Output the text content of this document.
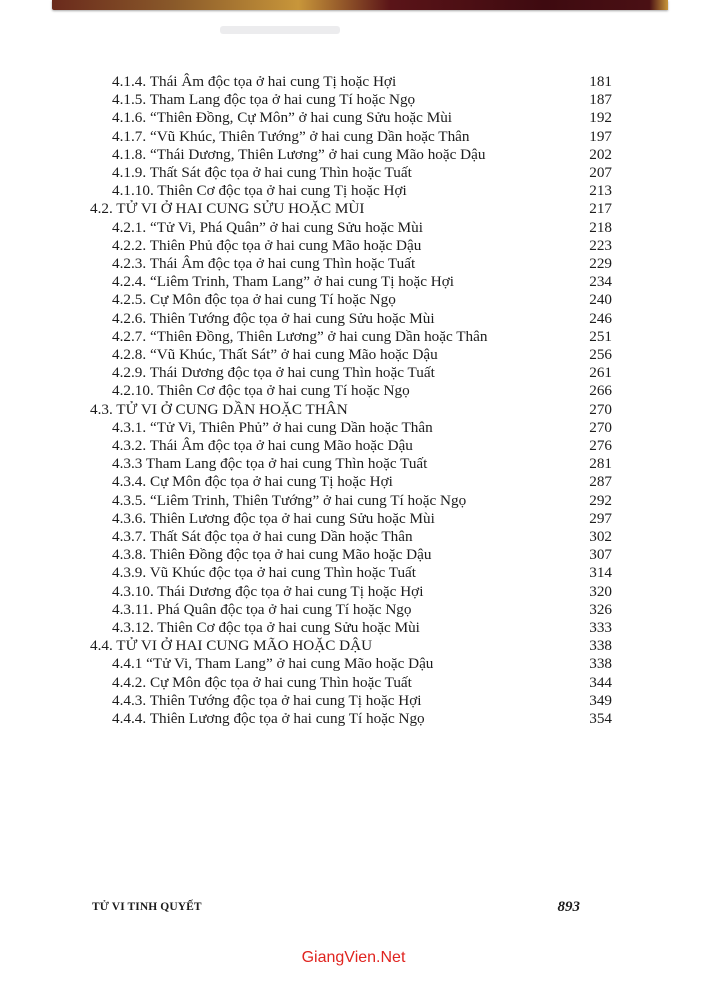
4.1.4. Thái Âm độc tọa ở hai cung Tị hoặc Hợi	181
4.1.5. Tham Lang độc tọa ở hai cung Tí hoặc Ngọ	187
4.1.6. “Thiên Đồng, Cự Môn” ở hai cung Sửu hoặc Mùi	192
4.1.7. “Vũ Khúc, Thiên Tướng” ở hai cung Dần hoặc Thân	197
4.1.8. “Thái Dương, Thiên Lương” ở hai cung Mão hoặc Dậu	202
4.1.9. Thất Sát độc tọa ở hai cung Thìn hoặc Tuất	207
4.1.10. Thiên Cơ độc tọa ở hai cung Tị hoặc Hợi	213
4.2. TỬ VI Ở HAI CUNG SỬU HOẶC MÙI	217
4.2.1. “Tử Vi, Phá Quân” ở hai cung Sửu hoặc Mùi	218
4.2.2. Thiên Phủ độc tọa ở hai cung Mão hoặc Dậu	223
4.2.3. Thái Âm độc tọa ở hai cung Thìn hoặc Tuất	229
4.2.4. “Liêm Trinh, Tham Lang” ở hai cung Tị hoặc Hợi	234
4.2.5. Cự Môn độc tọa ở hai cung Tí hoặc Ngọ	240
4.2.6. Thiên Tướng độc tọa ở hai cung Sửu hoặc Mùi	246
4.2.7. “Thiên Đồng, Thiên Lương” ở hai cung Dần hoặc Thân	251
4.2.8. “Vũ Khúc, Thất Sát” ở hai cung Mão hoặc Dậu	256
4.2.9. Thái Dương độc tọa ở hai cung Thìn hoặc Tuất	261
4.2.10. Thiên Cơ độc tọa ở hai cung Tí hoặc Ngọ	266
4.3. TỬ VI Ở CUNG DẦN HOẶC THÂN	270
4.3.1. “Tử Vi, Thiên Phủ” ở hai cung Dần hoặc Thân	270
4.3.2. Thái Âm độc tọa ở hai cung Mão hoặc Dậu	276
4.3.3 Tham Lang độc tọa ở hai cung Thìn hoặc Tuất	281
4.3.4. Cự Môn độc tọa ở hai cung Tị hoặc Hợi	287
4.3.5. “Liêm Trinh, Thiên Tướng” ở hai cung Tí hoặc Ngọ	292
4.3.6. Thiên Lương độc tọa ở hai cung Sửu hoặc Mùi	297
4.3.7. Thất Sát độc tọa ở hai cung Dần hoặc Thân	302
4.3.8. Thiên Đồng độc tọa ở hai cung Mão hoặc Dậu	307
4.3.9. Vũ Khúc độc tọa ở hai cung Thìn hoặc Tuất	314
4.3.10. Thái Dương độc tọa ở hai cung Tị hoặc Hợi	320
4.3.11. Phá Quân độc tọa ở hai cung Tí hoặc Ngọ	326
4.3.12. Thiên Cơ độc tọa ở hai cung Sửu hoặc Mùi	333
4.4. TỬ VI Ở HAI CUNG MÃO HOẶC DẬU	338
4.4.1 “Tử Vi, Tham Lang” ở hai cung Mão hoặc Dậu	338
4.4.2. Cự Môn độc tọa ở hai cung Thìn hoặc Tuất	344
4.4.3. Thiên Tướng độc tọa ở hai cung Tị hoặc Hợi	349
4.4.4. Thiên Lương độc tọa ở hai cung Tí hoặc Ngọ	354
TỬ VI TINH QUYẾT	893
GiangVien.Net
